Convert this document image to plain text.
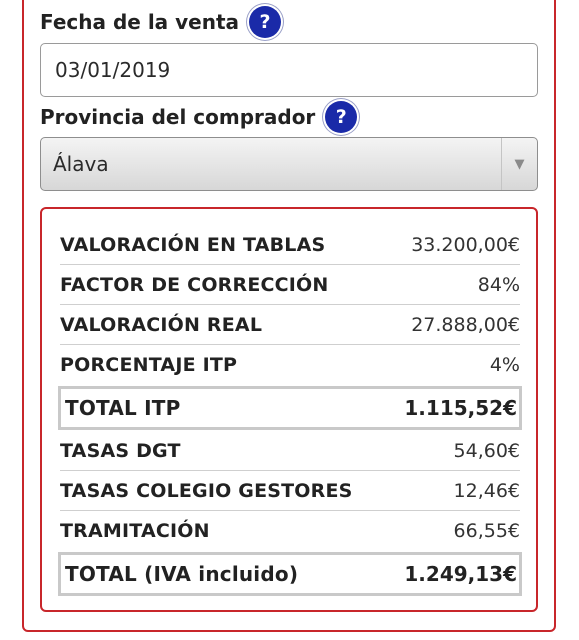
Fecha de la venta	?
03/01/2019
Provincia del comprador	?
Álava	▼
VALORACIÓN EN TABLAS	33.200,00€
FACTOR DE CORRECCIÓN	84%
VALORACIÓN REAL	27.888,00€
PORCENTAJE ITP	4%
TOTAL ITP	1.115,52€
TASAS DGT	54,60€
TASAS COLEGIO GESTORES	12,46€
TRAMITACIÓN	66,55€
TOTAL (IVA incluido)	1.249,13€
